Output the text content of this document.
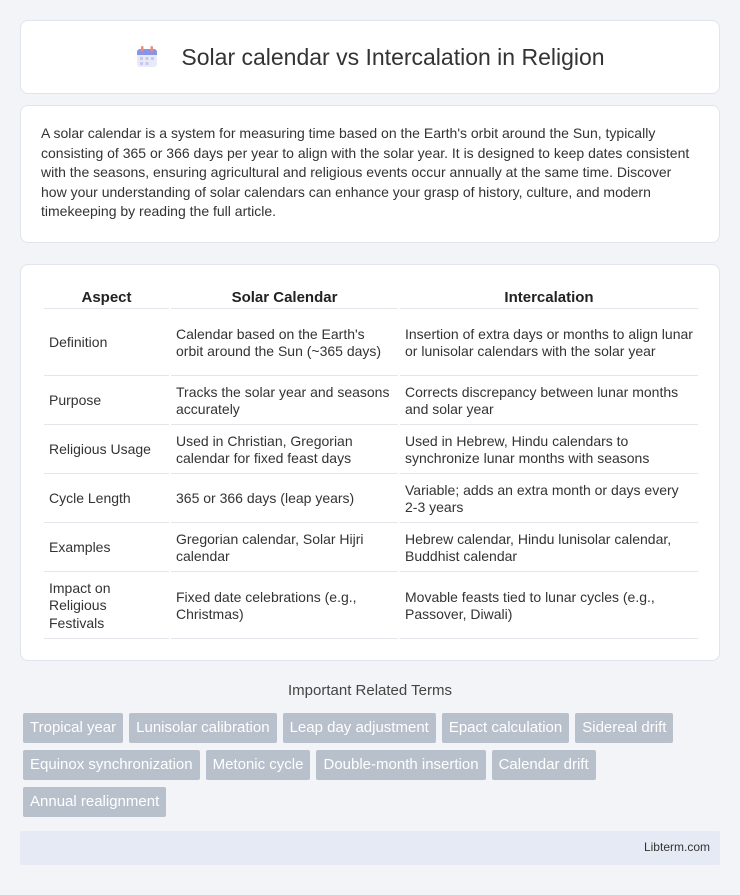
Solar calendar vs Intercalation in Religion

A solar calendar is a system for measuring time based on the Earth's orbit around the Sun, typically consisting of 365 or 366 days per year to align with the solar year. It is designed to keep dates consistent with the seasons, ensuring agricultural and religious events occur annually at the same time. Discover how your understanding of solar calendars can enhance your grasp of history, culture, and modern timekeeping by reading the full article.

Aspect	Solar Calendar	Intercalation
Definition	Calendar based on the Earth's orbit around the Sun (~365 days)	Insertion of extra days or months to align lunar or lunisolar calendars with the solar year
Purpose	Tracks the solar year and seasons accurately	Corrects discrepancy between lunar months and solar year
Religious Usage	Used in Christian, Gregorian calendar for fixed feast days	Used in Hebrew, Hindu calendars to synchronize lunar months with seasons
Cycle Length	365 or 366 days (leap years)	Variable; adds an extra month or days every 2-3 years
Examples	Gregorian calendar, Solar Hijri calendar	Hebrew calendar, Hindu lunisolar calendar, Buddhist calendar
Impact on Religious Festivals	Fixed date celebrations (e.g., Christmas)	Movable feasts tied to lunar cycles (e.g., Passover, Diwali)
Important Related Terms
Tropical year	Lunisolar calibration	Leap day adjustment	Epact calculation	Sidereal drift
Equinox synchronization	Metonic cycle	Double-month insertion	Calendar drift
Annual realignment
Libterm.com
